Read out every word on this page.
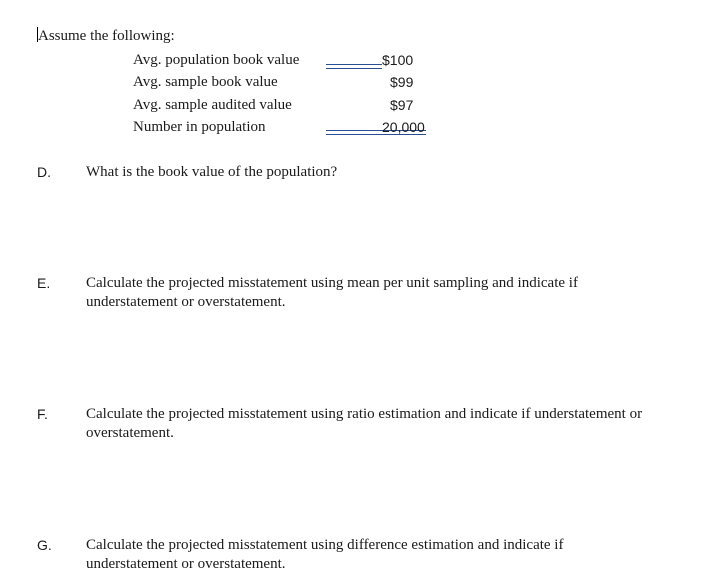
Assume the following:
Avg. population book value	$100
Avg. sample book value	$99
Avg. sample audited value	$97
Number in population	20,000
D. What is the book value of the population?
E. Calculate the projected misstatement using mean per unit sampling and indicate if understatement or overstatement.
F.	Calculate the projected misstatement using ratio estimation and indicate if understatement or overstatement.
G. Calculate the projected misstatement using difference estimation and indicate if understatement or overstatement.
